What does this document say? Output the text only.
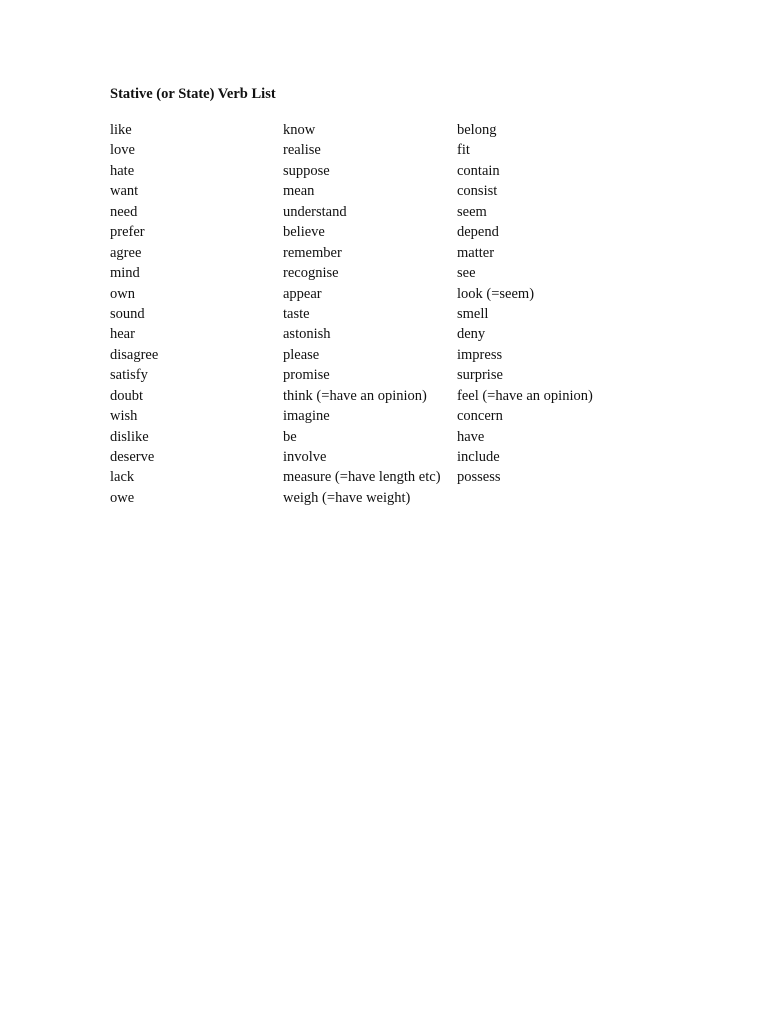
Stative (or State) Verb List
like
love
hate
want
need
prefer
agree
mind
own
sound
hear
disagree
satisfy
doubt
wish
dislike
deserve
lack
owe
know
realise
suppose
mean
understand
believe
remember
recognise
appear
taste
astonish
please
promise
think (=have an opinion)
imagine
be
involve
measure (=have length etc)
weigh (=have weight)
belong
fit
contain
consist
seem
depend
matter
see
look (=seem)
smell
deny
impress
surprise
feel (=have an opinion)
concern
have
include
possess
